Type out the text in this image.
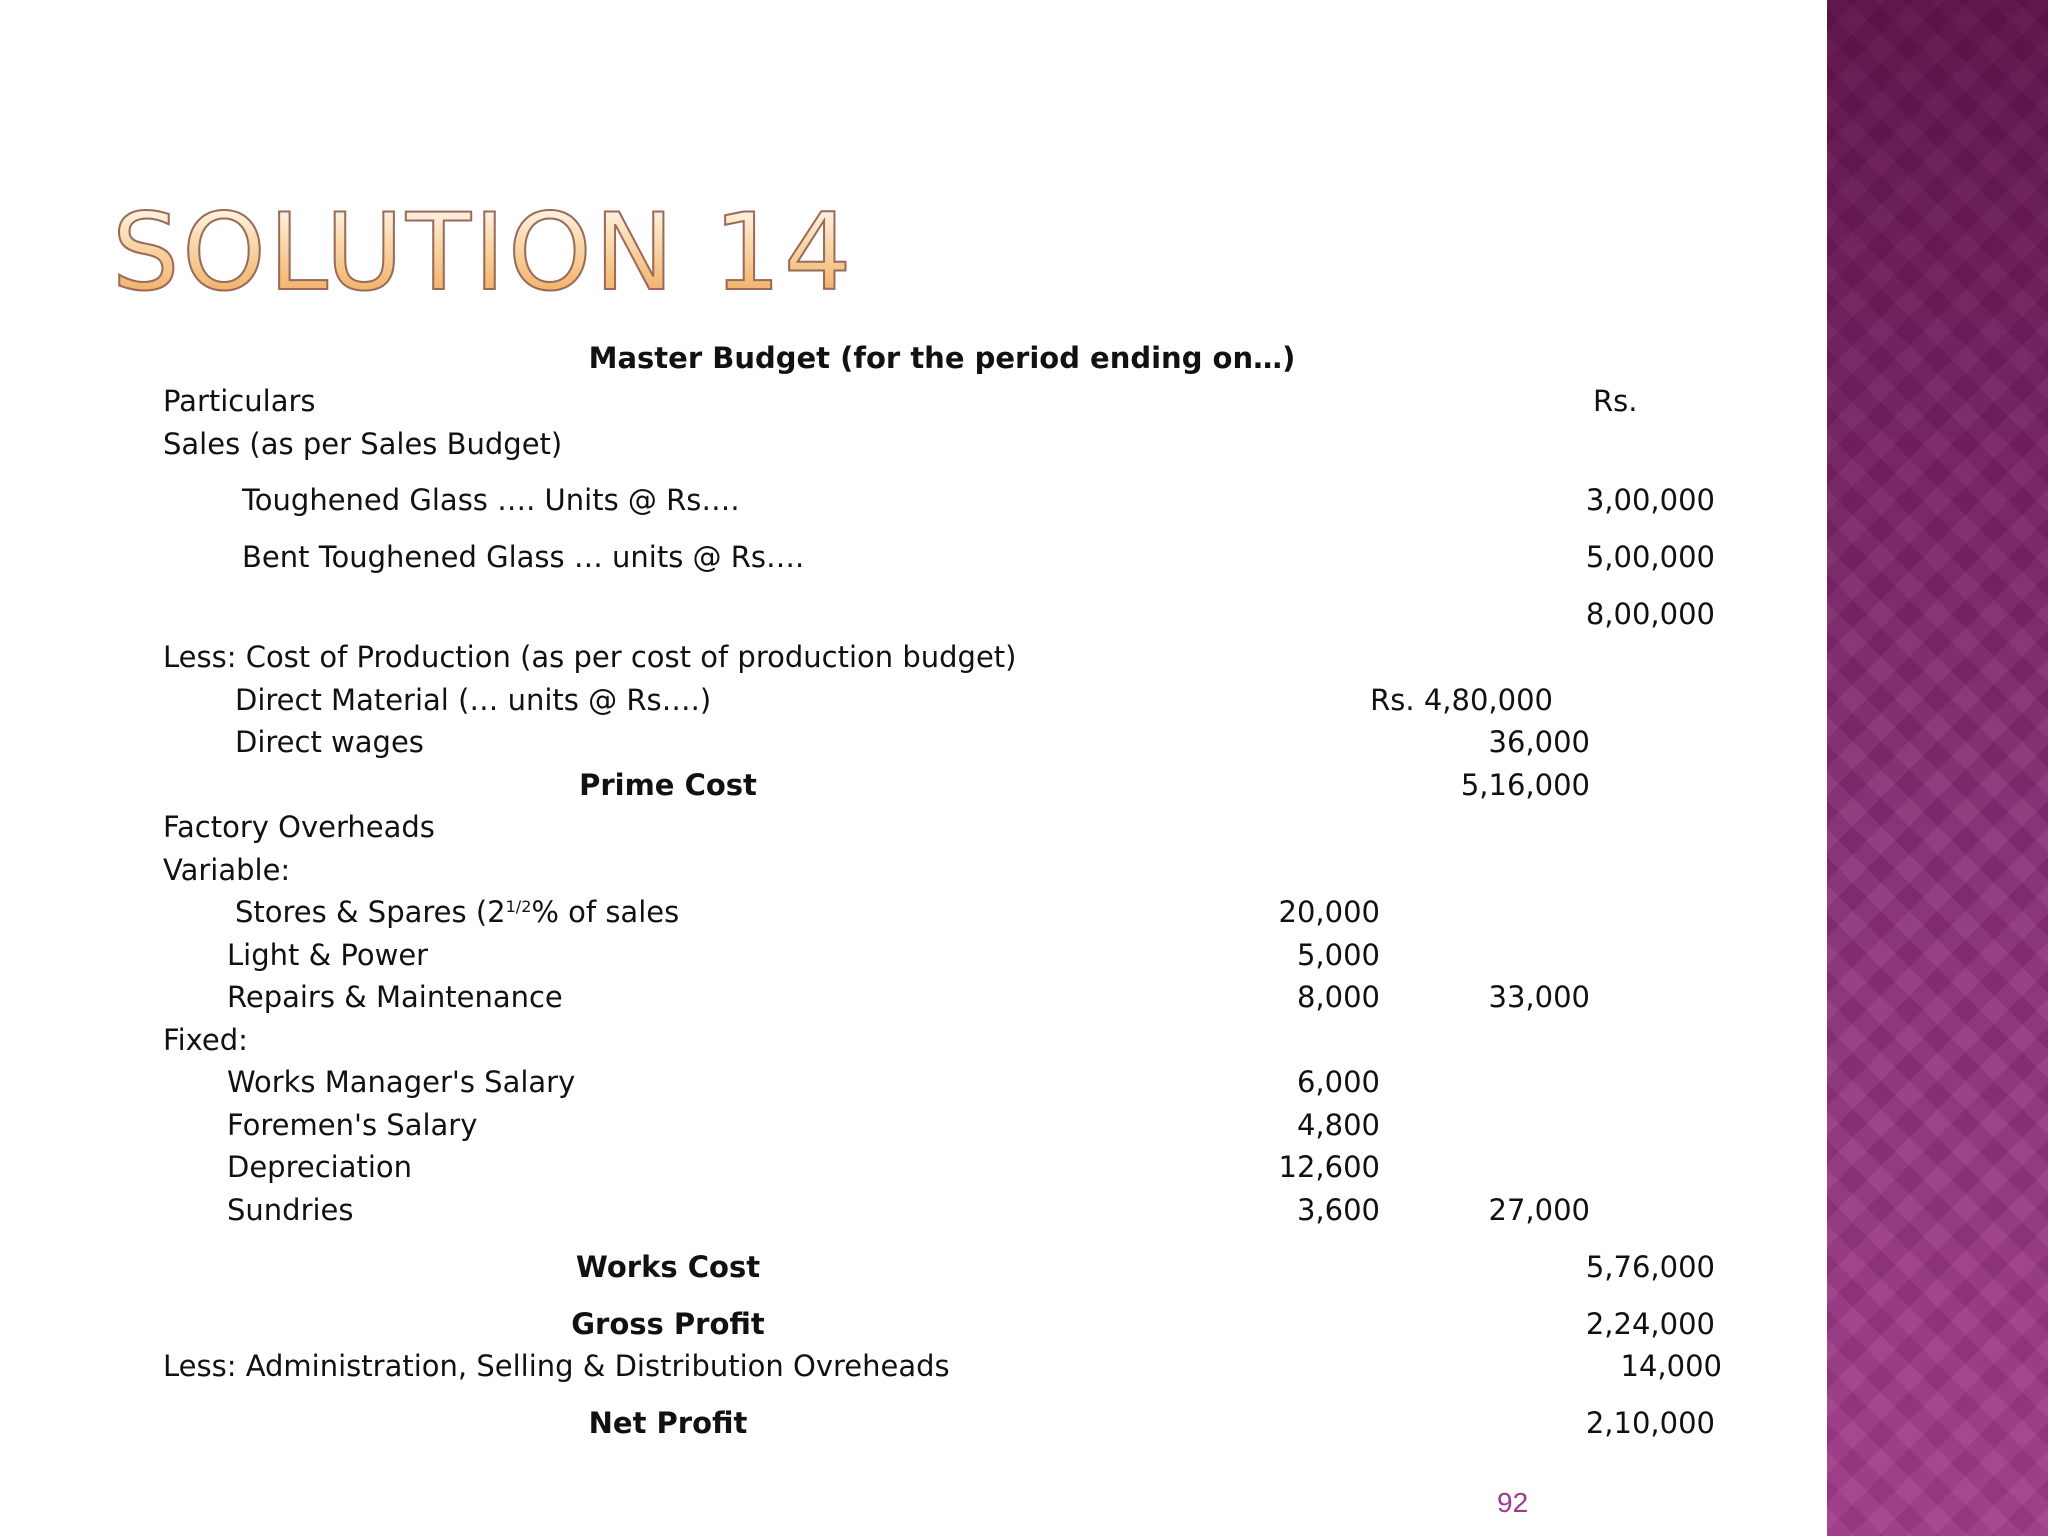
SOLUTION 14
Master Budget (for the period ending on…)
Particulars	Rs.
Sales (as per Sales Budget)
Toughened Glass …. Units @ Rs….	3,00,000
Bent Toughened Glass … units @ Rs….	5,00,000
8,00,000
Less: Cost of Production (as per cost of production budget)
Direct Material (… units @ Rs….)	Rs. 4,80,000
Direct wages	36,000
Prime Cost	5,16,000
Factory Overheads
Variable:
Stores & Spares ($2^{1/2}\%$ of sales	20,000
Light & Power	5,000
Repairs & Maintenance	8,000	33,000
Fixed:
Works Manager's Salary	6,000
Foremen's Salary	4,800
Depreciation	12,600
Sundries	3,600	27,000
Works Cost	5,76,000
Gross Profit	2,24,000
Less: Administration, Selling & Distribution Ovreheads	14,000
Net Profit	2,10,000
92
